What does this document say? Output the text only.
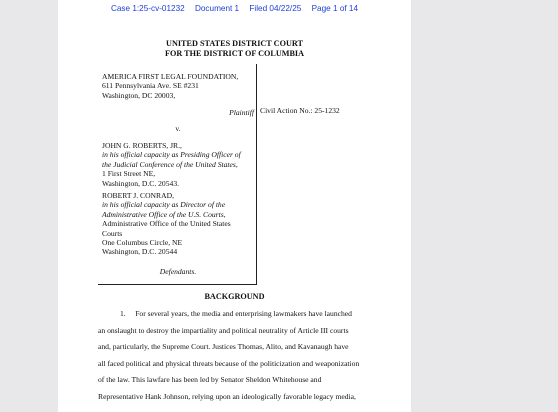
Case 1:25-cv-01232 Document 1 Filed 04/22/25 Page 1 of 14
UNITED STATES DISTRICT COURT
FOR THE DISTRICT OF COLUMBIA
AMERICA FIRST LEGAL FOUNDATION,
611 Pennsylvania Ave. SE #231
Washington, DC 20003,
Plaintiff
v.
JOHN G. ROBERTS, JR.,
in his official capacity as Presiding Officer of
the Judicial Conference of the United States,
1 First Street NE,
Washington, D.C. 20543.
ROBERT J. CONRAD,
in his official capacity as Director of the
Administrative Office of the U.S. Courts,
Administrative Office of the United States
Courts
One Columbus Circle, NE
Washington, D.C. 20544
Defendants.
Civil Action No.: 25-1232
BACKGROUND

1. For several years, the media and enterprising lawmakers have launched

an onslaught to destroy the impartiality and political neutrality of Article III courts

and, particularly, the Supreme Court. Justices Thomas, Alito, and Kavanaugh have

all faced political and physical threats because of the politicization and weaponization

of the law. This lawfare has been led by Senator Sheldon Whitehouse and

Representative Hank Johnson, relying upon an ideologically favorable legacy media,
